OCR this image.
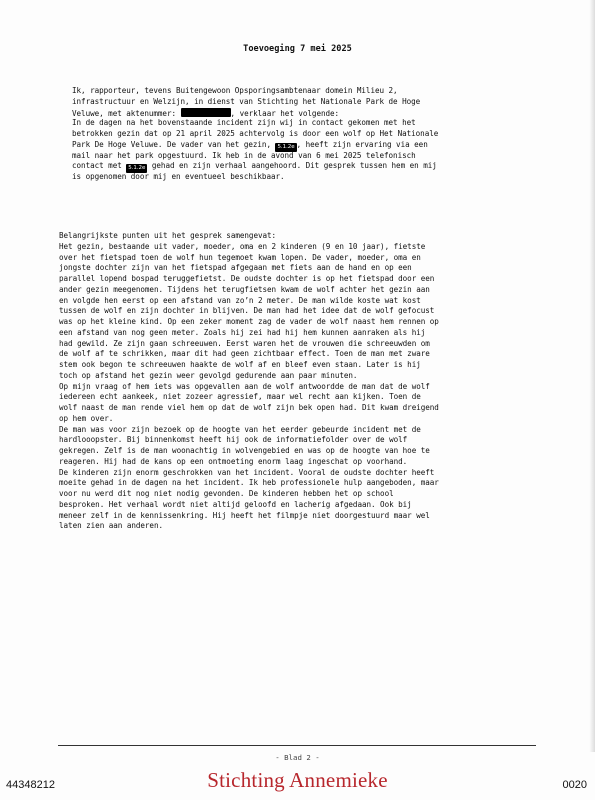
Toevoeging 7 mei 2025
Ik, rapporteur, tevens Buitengewoon Opsporingsambtenaar domein Milieu 2,
infrastructuur en Welzijn, in dienst van Stichting het Nationale Park de Hoge
Veluwe, met aktenummer:	, verklaar het volgende:
In de dagen na het bovenstaande incident zijn wij in contact gekomen met het
betrokken gezin dat op 21 april 2025 achtervolg is door een wolf op Het Nationale
Park De Hoge Veluwe. De vader van het gezin, 5.1.2e , heeft zijn ervaring via een
mail naar het park opgestuurd. Ik heb in de avond van 6 mei 2025 telefonisch
contact met 5.1.2e gehad en zijn verhaal aangehoord. Dit gesprek tussen hem en mij
is opgenomen door mij en eventueel beschikbaar.
Belangrijkste punten uit het gesprek samengevat:
Het gezin, bestaande uit vader, moeder, oma en 2 kinderen (9 en 10 jaar), fietste
over het fietspad toen de wolf hun tegemoet kwam lopen. De vader, moeder, oma en
jongste dochter zijn van het fietspad afgegaan met fiets aan de hand en op een
parallel lopend bospad teruggefietst. De oudste dochter is op het fietspad door een
ander gezin meegenomen. Tijdens het terugfietsen kwam de wolf achter het gezin aan
en volgde hen eerst op een afstand van zo’n 2 meter. De man wilde koste wat kost
tussen de wolf en zijn dochter in blijven. De man had het idee dat de wolf gefocust
was op het kleine kind. Op een zeker moment zag de vader de wolf naast hem rennen op
een afstand van nog geen meter. Zoals hij zei had hij hem kunnen aanraken als hij
had gewild. Ze zijn gaan schreeuwen. Eerst waren het de vrouwen die schreeuwden om
de wolf af te schrikken, maar dit had geen zichtbaar effect. Toen de man met zware
stem ook begon te schreeuwen haakte de wolf af en bleef even staan. Later is hij
toch op afstand het gezin weer gevolgd gedurende aan paar minuten.
Op mijn vraag of hem iets was opgevallen aan de wolf antwoordde de man dat de wolf
iedereen echt aankeek, niet zozeer agressief, maar wel recht aan kijken. Toen de
wolf naast de man rende viel hem op dat de wolf zijn bek open had. Dit kwam dreigend
op hem over.
De man was voor zijn bezoek op de hoogte van het eerder gebeurde incident met de
hardlooopster. Bij binnenkomst heeft hij ook de informatiefolder over de wolf
gekregen. Zelf is de man woonachtig in wolvengebied en was op de hoogte van hoe te
reageren. Hij had de kans op een ontmoeting enorm laag ingeschat op voorhand.
De kinderen zijn enorm geschrokken van het incident. Vooral de oudste dochter heeft
moeite gehad in de dagen na het incident. Ik heb professionele hulp aangeboden, maar
voor nu werd dit nog niet nodig gevonden. De kinderen hebben het op school
besproken. Het verhaal wordt niet altijd geloofd en lacherig afgedaan. Ook bij
meneer zelf in de kennissenkring. Hij heeft het filmpje niet doorgestuurd maar wel
laten zien aan anderen.
- Blad 2 -
44348212	Stichting Annemieke	0020
